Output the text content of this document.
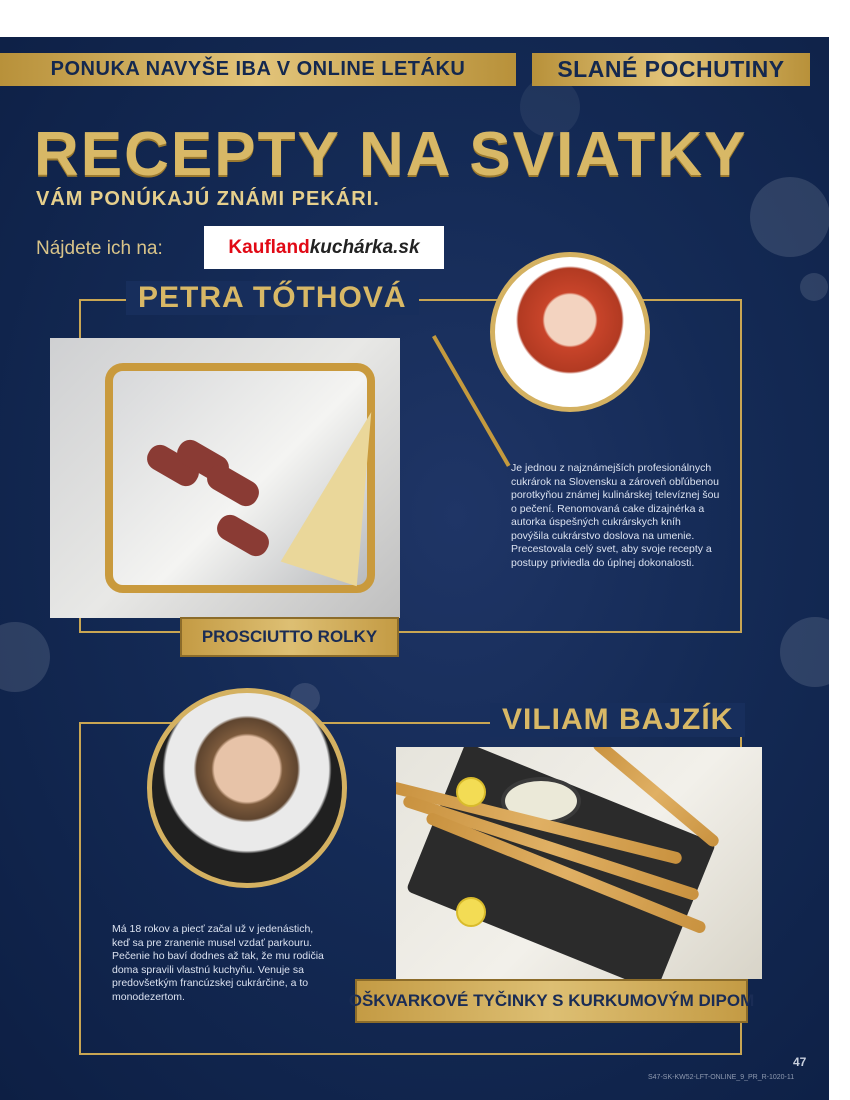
PONUKA NAVYŠE IBA V ONLINE LETÁKU	SLANÉ POCHUTINY
RECEPTY NA SVIATKY
VÁM PONÚKAJÚ ZNÁMI PEKÁRI.
Nájdete ich na:	Kaufland kuchárka.sk
PETRA TŐTHOVÁ
PROSCIUTTO ROLKY
Je jednou z najznámejších profesionálnych cukrárok na Slovensku a zároveň obľúbenou porotkyňou známej kulinárskej televíznej šou o pečení. Renomovaná cake dizajnérka a autorka úspešných cukrárskych kníh povýšila cukrárstvo doslova na umenie. Precestovala celý svet, aby svoje recepty a postupy priviedla do úplnej dokonalosti.
VILIAM BAJZÍK
OŠKVARKOVÉ TYČINKY S KURKUMOVÝM DIPOM
Má 18 rokov a piecť začal už v jedenástich, keď sa pre zranenie musel vzdať parkouru. Pečenie ho baví dodnes až tak, že mu rodičia doma spravili vlastnú kuchyňu. Venuje sa predovšetkým francúzskej cukrárčine, a to monodezertom.
47
S47-SK-KW52-LFT-ONLINE_9_PR_R-1020-11
